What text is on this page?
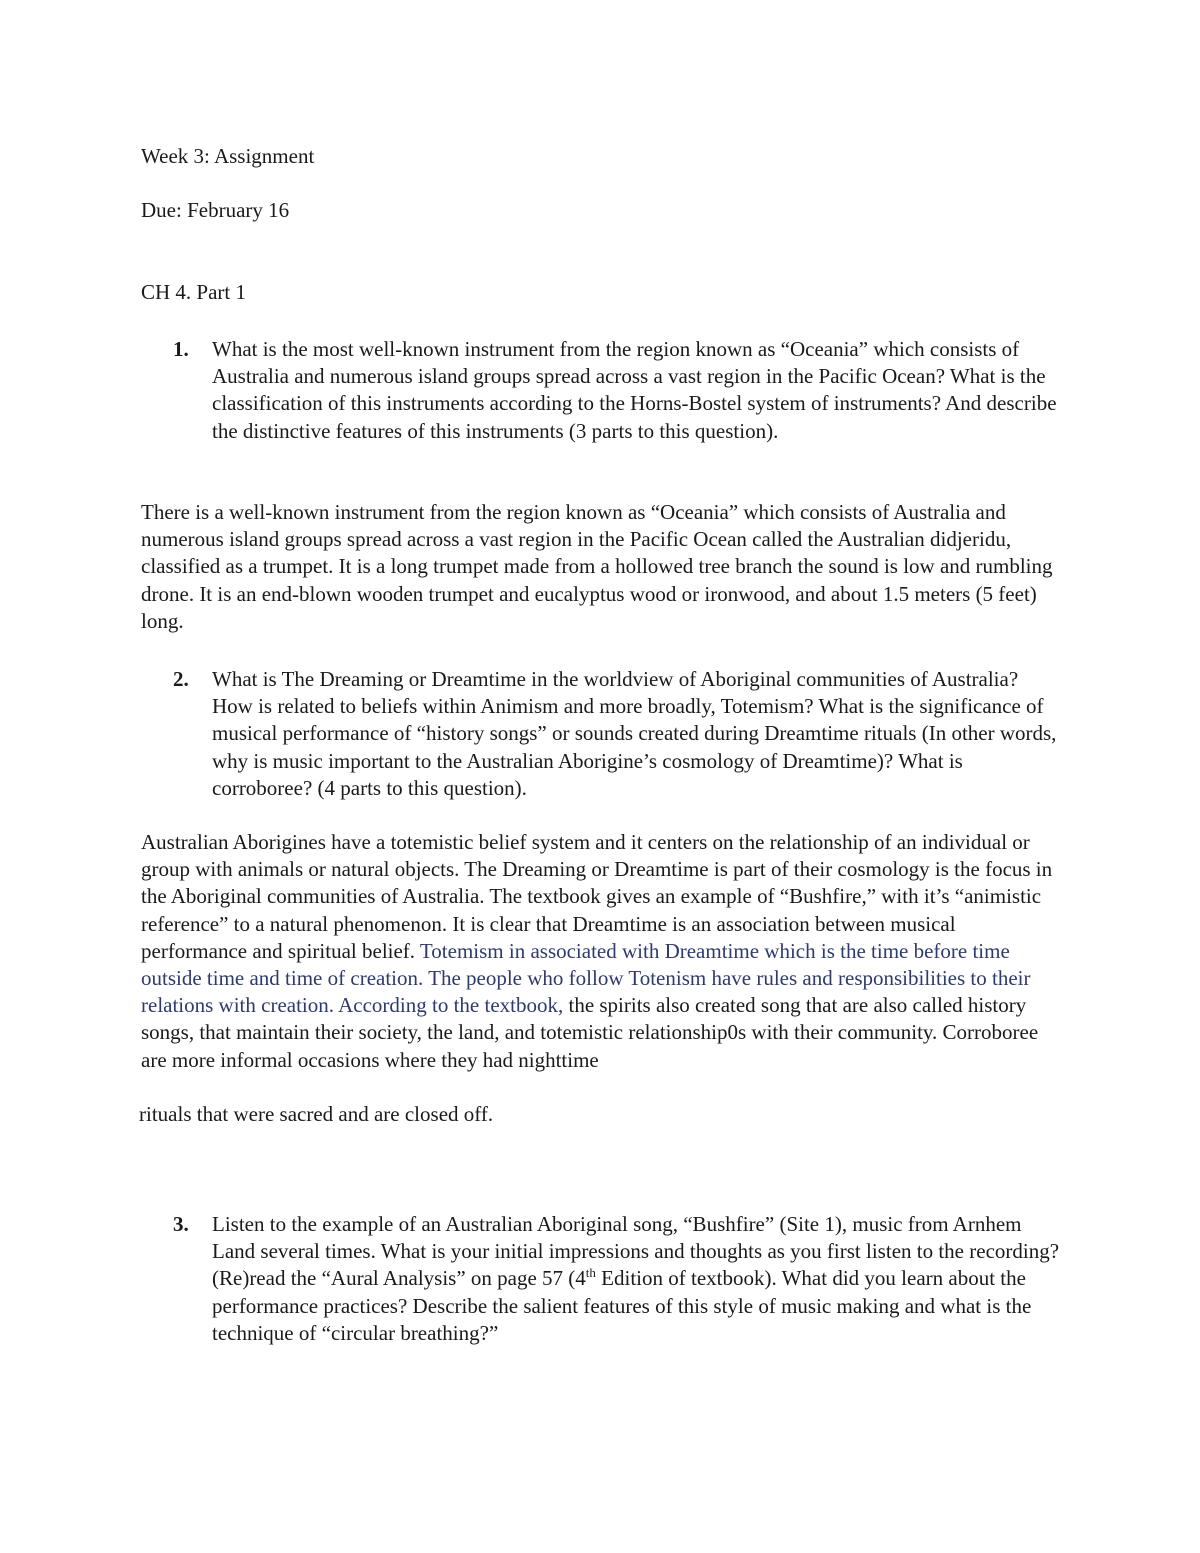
Week 3: Assignment
Due: February 16
CH 4. Part 1
1. What is the most well-known instrument from the region known as “Oceania” which consists of Australia and numerous island groups spread across a vast region in the Pacific Ocean? What is the classification of this instruments according to the Horns-Bostel system of instruments? And describe the distinctive features of this instruments (3 parts to this question).
There is a well-known instrument from the region known as “Oceania” which consists of Australia and numerous island groups spread across a vast region in the Pacific Ocean called the Australian didjeridu, classified as a trumpet. It is a long trumpet made from a hollowed tree branch the sound is low and rumbling drone. It is an end-blown wooden trumpet and eucalyptus wood or ironwood, and about 1.5 meters (5 feet) long.
2. What is The Dreaming or Dreamtime in the worldview of Aboriginal communities of Australia? How is related to beliefs within Animism and more broadly, Totemism? What is the significance of musical performance of “history songs” or sounds created during Dreamtime rituals (In other words, why is music important to the Australian Aborigine’s cosmology of Dreamtime)? What is corroboree? (4 parts to this question).
Australian Aborigines have a totemistic belief system and it centers on the relationship of an individual or group with animals or natural objects. The Dreaming or Dreamtime is part of their cosmology is the focus in the Aboriginal communities of Australia. The textbook gives an example of “Bushfire,” with it’s “animistic reference” to a natural phenomenon. It is clear that Dreamtime is an association between musical performance and spiritual belief. Totemism in associated with Dreamtime which is the time before time outside time and time of creation. The people who follow Totenism have rules and responsibilities to their relations with creation. According to the textbook, the spirits also created song that are also called history songs, that maintain their society, the land, and totemistic relationship0s with their community. Corroboree are more informal occasions where they had nighttime
rituals that were sacred and are closed off.
3. Listen to the example of an Australian Aboriginal song, “Bushfire” (Site 1), music from Arnhem Land several times. What is your initial impressions and thoughts as you first listen to the recording? (Re)read the “Aural Analysis” on page 57 (4th Edition of textbook). What did you learn about the performance practices? Describe the salient features of this style of music making and what is the technique of “circular breathing?”
